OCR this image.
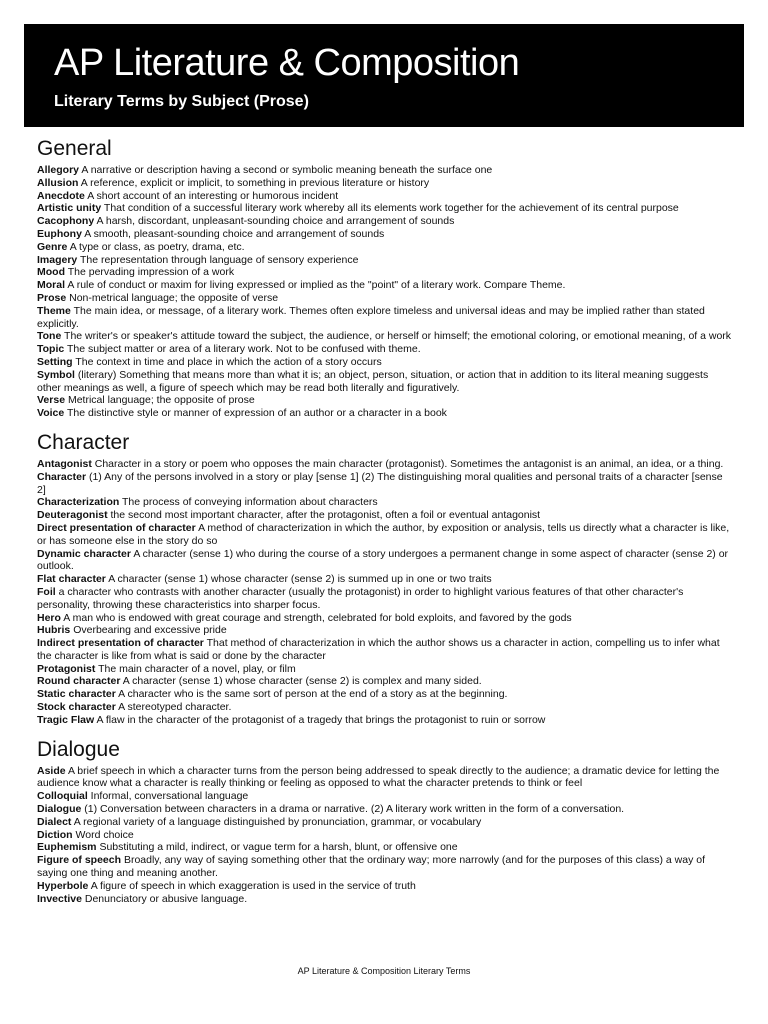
AP Literature & Composition
Literary Terms by Subject (Prose)
General

Allegory A narrative or description having a second or symbolic meaning beneath the surface one

Allusion A reference, explicit or implicit, to something in previous literature or history

Anecdote A short account of an interesting or humorous incident

Artistic unity That condition of a successful literary work whereby all its elements work together for the achievement of its central purpose

Cacophony A harsh, discordant, unpleasant-sounding choice and arrangement of sounds

Euphony A smooth, pleasant-sounding choice and arrangement of sounds

Genre A type or class, as poetry, drama, etc.

Imagery The representation through language of sensory experience

Mood The pervading impression of a work

Moral A rule of conduct or maxim for living expressed or implied as the "point" of a literary work. Compare Theme.

Prose Non-metrical language; the opposite of verse

Theme The main idea, or message, of a literary work. Themes often explore timeless and universal ideas and may be implied rather than stated explicitly.

Tone The writer's or speaker's attitude toward the subject, the audience, or herself or himself; the emotional coloring, or emotional meaning, of a work

Topic The subject matter or area of a literary work. Not to be confused with theme.

Setting The context in time and place in which the action of a story occurs

Symbol (literary) Something that means more than what it is; an object, person, situation, or action that in addition to its literal meaning suggests other meanings as well, a figure of speech which may be read both literally and figuratively.

Verse Metrical language; the opposite of prose

Voice The distinctive style or manner of expression of an author or a character in a book

Character

Antagonist Character in a story or poem who opposes the main character (protagonist). Sometimes the antagonist is an animal, an idea, or a thing.

Character (1) Any of the persons involved in a story or play [sense 1] (2) The distinguishing moral qualities and personal traits of a character [sense 2]

Characterization The process of conveying information about characters

Deuteragonist the second most important character, after the protagonist, often a foil or eventual antagonist

Direct presentation of character A method of characterization in which the author, by exposition or analysis, tells us directly what a character is like, or has someone else in the story do so

Dynamic character A character (sense 1) who during the course of a story undergoes a permanent change in some aspect of character (sense 2) or outlook.

Flat character A character (sense 1) whose character (sense 2) is summed up in one or two traits

Foil a character who contrasts with another character (usually the protagonist) in order to highlight various features of that other character's personality, throwing these characteristics into sharper focus.

Hero A man who is endowed with great courage and strength, celebrated for bold exploits, and favored by the gods

Hubris Overbearing and excessive pride

Indirect presentation of character That method of characterization in which the author shows us a character in action, compelling us to infer what the character is like from what is said or done by the character

Protagonist The main character of a novel, play, or film

Round character A character (sense 1) whose character (sense 2) is complex and many sided.

Static character A character who is the same sort of person at the end of a story as at the beginning.

Stock character A stereotyped character.

Tragic Flaw A flaw in the character of the protagonist of a tragedy that brings the protagonist to ruin or sorrow

Dialogue

Aside A brief speech in which a character turns from the person being addressed to speak directly to the audience; a dramatic device for letting the audience know what a character is really thinking or feeling as opposed to what the character pretends to think or feel

Colloquial Informal, conversational language

Dialogue (1) Conversation between characters in a drama or narrative. (2) A literary work written in the form of a conversation.

Dialect A regional variety of a language distinguished by pronunciation, grammar, or vocabulary

Diction Word choice

Euphemism Substituting a mild, indirect, or vague term for a harsh, blunt, or offensive one

Figure of speech Broadly, any way of saying something other that the ordinary way; more narrowly (and for the purposes of this class) a way of saying one thing and meaning another.

Hyperbole A figure of speech in which exaggeration is used in the service of truth

Invective Denunciatory or abusive language.

AP Literature & Composition Literary Terms
